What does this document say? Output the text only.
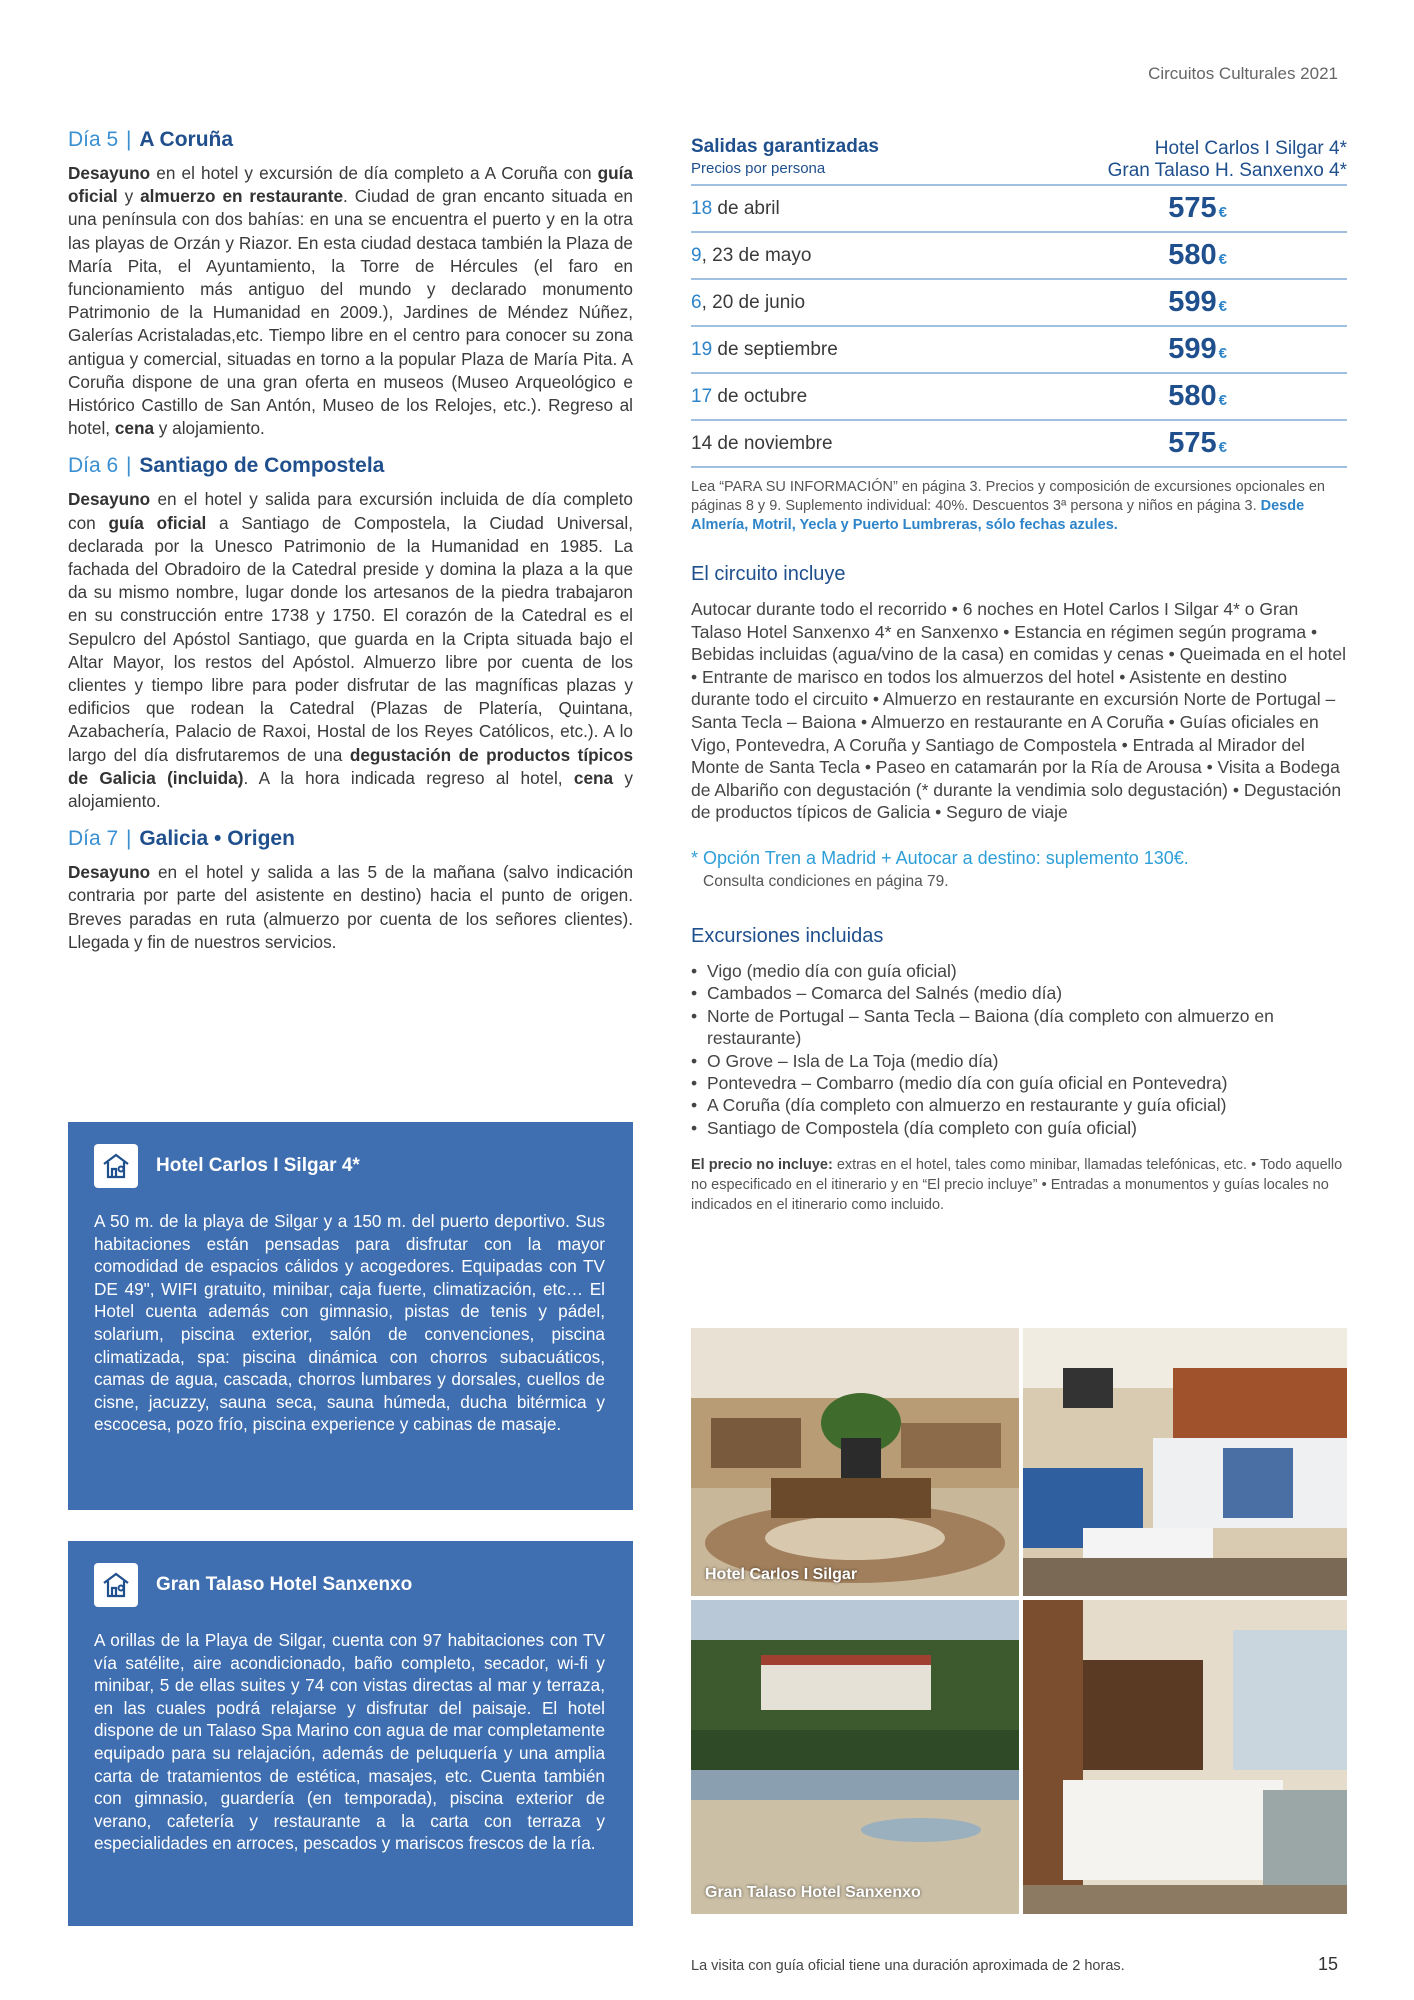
Circuitos Culturales 2021
Día 5 | A Coruña

Desayuno en el hotel y excursión de día completo a A Coruña con guía oficial y almuerzo en restaurante. Ciudad de gran encanto situada en una península con dos bahías: en una se encuentra el puerto y en la otra las playas de Orzán y Riazor. En esta ciudad destaca también la Plaza de María Pita, el Ayuntamiento, la Torre de Hércules (el faro en funcionamiento más antiguo del mundo y declarado monumento Patrimonio de la Humanidad en 2009.), Jardines de Méndez Núñez, Galerías Acristaladas,etc. Tiempo libre en el centro para conocer su zona antigua y comercial, situadas en torno a la popular Plaza de María Pita. A Coruña dispone de una gran oferta en museos (Museo Arqueológico e Histórico Castillo de San Antón, Museo de los Relojes, etc.). Regreso al hotel, cena y alojamiento.

Día 6 | Santiago de Compostela

Desayuno en el hotel y salida para excursión incluida de día completo con guía oficial a Santiago de Compostela, la Ciudad Universal, declarada por la Unesco Patrimonio de la Humanidad en 1985. La fachada del Obradoiro de la Catedral preside y domina la plaza a la que da su mismo nombre, lugar donde los artesanos de la piedra trabajaron en su construcción entre 1738 y 1750. El corazón de la Catedral es el Sepulcro del Apóstol Santiago, que guarda en la Cripta situada bajo el Altar Mayor, los restos del Apóstol. Almuerzo libre por cuenta de los clientes y tiempo libre para poder disfrutar de las magníficas plazas y edificios que rodean la Catedral (Plazas de Platería, Quintana, Azabachería, Palacio de Raxoi, Hostal de los Reyes Católicos, etc.). A lo largo del día disfrutaremos de una degustación de productos típicos de Galicia (incluida). A la hora indicada regreso al hotel, cena y alojamiento.

Día 7 | Galicia • Origen

Desayuno en el hotel y salida a las 5 de la mañana (salvo indicación contraria por parte del asistente en destino) hacia el punto de origen. Breves paradas en ruta (almuerzo por cuenta de los señores clientes). Llegada y fin de nuestros servicios.

Hotel Carlos I Silgar 4*
A 50 m. de la playa de Silgar y a 150 m. del puerto deportivo. Sus habitaciones están pensadas para disfrutar con la mayor comodidad de espacios cálidos y acogedores. Equipadas con TV DE 49", WIFI gratuito, minibar, caja fuerte, climatización, etc… El Hotel cuenta además con gimnasio, pistas de tenis y pádel, solarium, piscina exterior, salón de convenciones, piscina climatizada, spa: piscina dinámica con chorros subacuáticos, camas de agua, cascada, chorros lumbares y dorsales, cuellos de cisne, jacuzzy, sauna seca, sauna húmeda, ducha bitérmica y escocesa, pozo frío, piscina experience y cabinas de masaje.
Gran Talaso Hotel Sanxenxo
A orillas de la Playa de Silgar, cuenta con 97 habitaciones con TV vía satélite, aire acondicionado, baño completo, secador, wi-fi y minibar, 5 de ellas suites y 74 con vistas directas al mar y terraza, en las cuales podrá relajarse y disfrutar del paisaje. El hotel dispone de un Talaso Spa Marino con agua de mar completamente equipado para su relajación, además de peluquería y una amplia carta de tratamientos de estética, masajes, etc. Cuenta también con gimnasio, guardería (en temporada), piscina exterior de verano, cafetería y restaurante a la carta con terraza y especialidades en arroces, pescados y mariscos frescos de la ría.
Salidas garantizadas
Precios por persona
Hotel Carlos I Silgar 4*
Gran Talaso H. Sanxenxo 4*
18 de abril	575 €
9, 23 de mayo	580 €
6, 20 de junio	599 €
19 de septiembre	599 €
17 de octubre	580 €
14 de noviembre	575 €
Lea “PARA SU INFORMACIÓN” en página 3. Precios y composición de excursiones opcionales en páginas 8 y 9. Suplemento individual: 40%. Descuentos 3ª persona y niños en página 3. Desde Almería, Motril, Yecla y Puerto Lumbreras, sólo fechas azules.
El circuito incluye
Autocar durante todo el recorrido • 6 noches en Hotel Carlos I Silgar 4* o Gran Talaso Hotel Sanxenxo 4* en Sanxenxo • Estancia en régimen según programa • Bebidas incluidas (agua/vino de la casa) en comidas y cenas • Queimada en el hotel • Entrante de marisco en todos los almuerzos del hotel • Asistente en destino durante todo el circuito • Almuerzo en restaurante en excursión Norte de Portugal – Santa Tecla – Baiona • Almuerzo en restaurante en A Coruña • Guías oficiales en Vigo, Pontevedra, A Coruña y Santiago de Compostela • Entrada al Mirador del Monte de Santa Tecla • Paseo en catamarán por la Ría de Arousa • Visita a Bodega de Albariño con degustación (* durante la vendimia solo degustación) • Degustación de productos típicos de Galicia • Seguro de viaje
* Opción Tren a Madrid + Autocar a destino: suplemento 130€.
Consulta condiciones en página 79.
Excursiones incluidas
• Vigo (medio día con guía oficial)
• Cambados – Comarca del Salnés (medio día)
• Norte de Portugal – Santa Tecla – Baiona (día completo con almuerzo en restaurante)
• O Grove – Isla de La Toja (medio día)
• Pontevedra – Combarro (medio día con guía oficial en Pontevedra)
• A Coruña (día completo con almuerzo en restaurante y guía oficial)
• Santiago de Compostela (día completo con guía oficial)
El precio no incluye: extras en el hotel, tales como minibar, llamadas telefónicas, etc. • Todo aquello no especificado en el itinerario y en “El precio incluye” • Entradas a monumentos y guías locales no indicados en el itinerario como incluido.
Hotel Carlos I Silgar
Gran Talaso Hotel Sanxenxo
La visita con guía oficial tiene una duración aproximada de 2 horas.	15
